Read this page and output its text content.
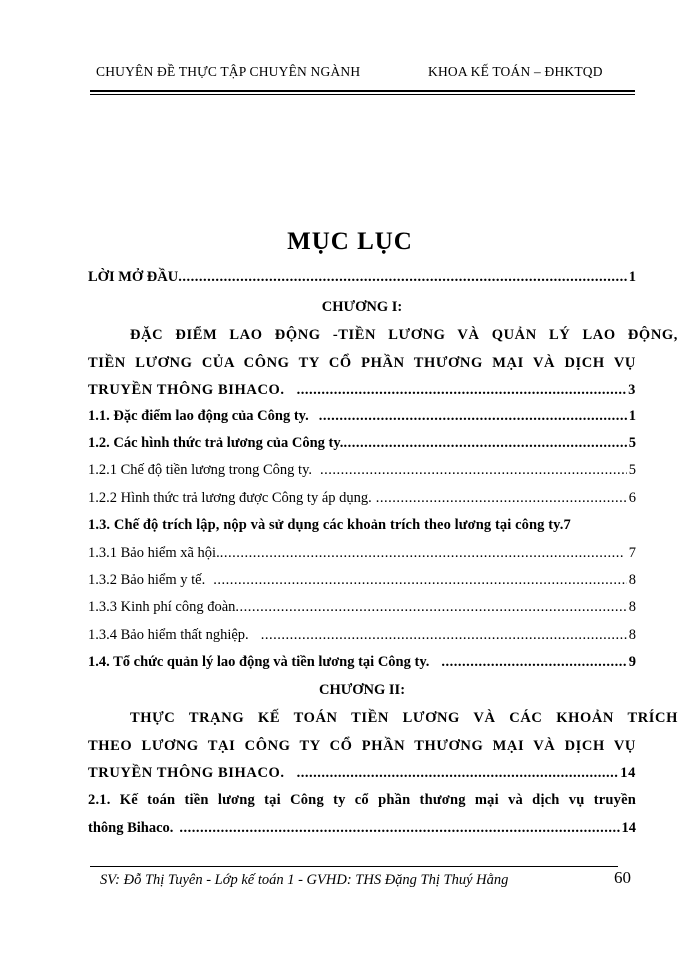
CHUYÊN ĐỀ THỰC TẬP CHUYÊN NGÀNH	KHOA KẾ TOÁN – ĐHKTQD
MỤC LỤC
LỜI MỞ ĐẦU .....	1
CHƯƠNG I:
ĐẶC ĐIỂM LAO ĐỘNG -TIỀN LƯƠNG VÀ QUẢN LÝ LAO ĐỘNG,
TIỀN LƯƠNG CỦA CÔNG TY CỔ PHẦN THƯƠNG MẠI VÀ DỊCH VỤ
TRUYỀN THÔNG BIHACO. .....	3
1.1. Đặc điểm lao động của Công ty. .....	1
1.2. Các hình thức trả lương của Công ty. .....	5
1.2.1 Chế độ tiền lương trong Công ty. .....	5
1.2.2 Hình thức trả lương được Công ty áp dụng. .....	6
1.3. Chế độ trích lập, nộp và sử dụng các khoản trích theo lương tại công ty. 7
1.3.1 Bảo hiểm xã hội. .....	7
1.3.2 Bảo hiểm y tế. .....	8
1.3.3 Kinh phí công đoàn .....	8
1.3.4 Bảo hiểm thất nghiệp. .....	8
1.4. Tổ chức quản lý lao động và tiền lương tại Công ty. .....	9
CHƯƠNG II:
THỰC TRẠNG KẾ TOÁN TIỀN LƯƠNG VÀ CÁC KHOẢN TRÍCH
THEO LƯƠNG TẠI CÔNG TY CỔ PHẦN THƯƠNG MẠI VÀ DỊCH VỤ
TRUYỀN THÔNG BIHACO. .....	14
2.1. Kế toán tiền lương tại Công ty cổ phần thương mại và dịch vụ truyền
thông Bihaco. .....	14
SV: Đỗ Thị Tuyên - Lớp kế toán 1 - GVHD: THS Đặng Thị Thuý Hằng	60
